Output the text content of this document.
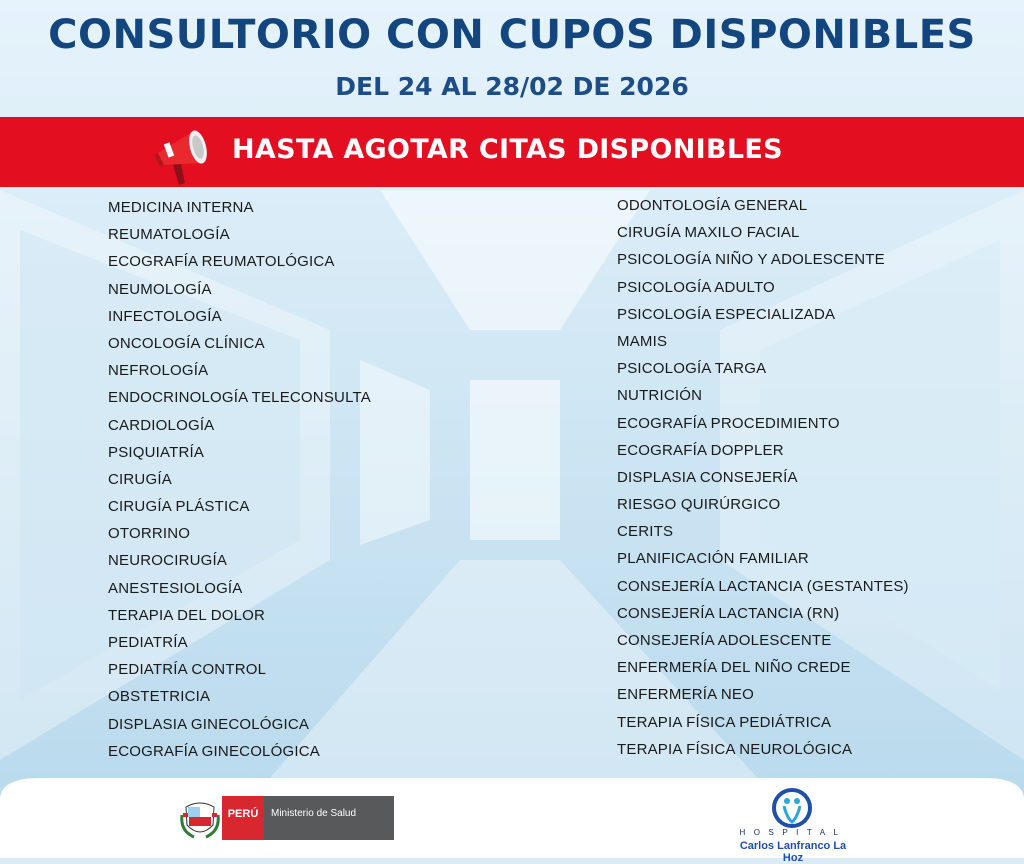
CONSULTORIO CON CUPOS DISPONIBLES
DEL 24 AL 28/02 DE 2026
HASTA AGOTAR CITAS DISPONIBLES
MEDICINA INTERNA
REUMATOLOGÍA
ECOGRAFÍA REUMATOLÓGICA
NEUMOLOGÍA
INFECTOLOGÍA
ONCOLOGÍA CLÍNICA
NEFROLOGÍA
ENDOCRINOLOGÍA TELECONSULTA
CARDIOLOGÍA
PSIQUIATRÍA
CIRUGÍA
CIRUGÍA PLÁSTICA
OTORRINO
NEUROCIRUGÍA
ANESTESIOLOGÍA
TERAPIA DEL DOLOR
PEDIATRÍA
PEDIATRÍA CONTROL
OBSTETRICIA
DISPLASIA GINECOLÓGICA
ECOGRAFÍA GINECOLÓGICA
ODONTOLOGÍA GENERAL
CIRUGÍA MAXILO FACIAL
PSICOLOGÍA NIÑO Y ADOLESCENTE
PSICOLOGÍA ADULTO
PSICOLOGÍA ESPECIALIZADA
MAMIS
PSICOLOGÍA TARGA
NUTRICIÓN
ECOGRAFÍA PROCEDIMIENTO
ECOGRAFÍA DOPPLER
DISPLASIA CONSEJERÍA
RIESGO QUIRÚRGICO
CERITS
PLANIFICACIÓN FAMILIAR
CONSEJERÍA LACTANCIA (GESTANTES)
CONSEJERÍA LACTANCIA (RN)
CONSEJERÍA ADOLESCENTE
ENFERMERÍA DEL NIÑO CREDE
ENFERMERÍA NEO
TERAPIA FÍSICA PEDIÁTRICA
TERAPIA FÍSICA NEUROLÓGICA
PERÚ	Ministerio de Salud
HOSPITAL
Carlos Lanfranco La Hoz
